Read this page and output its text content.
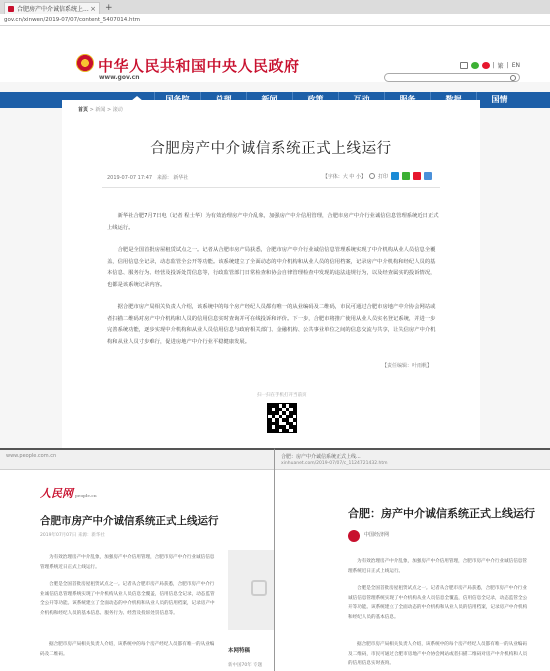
合肥房产中介诚信系统上... × +
gov.cn/xinwen/2019-07/07/content_5407014.htm
中华人民共和国中央人民政府
www.gov.cn
| 繁 | EN
国情
首页 > 新闻 > 滚动
合肥房产中介诚信系统正式上线运行
2019-07-07 17:47 来源： 新华社	【字体：大 中 小】 打印

新华社合肥7月7日电（记者 程士华）为有效治理房产中介乱象，加强房产中介信用管理，合肥市房产中介行业诚信信息管理系统近日正式上线运行。

合肥是全国首批房屋租赁试点之一。记者从合肥市房产局获悉，合肥市房产中介行业诚信信息管理系统实现了中介机构从业人员信息全覆盖，信用信息全记录，动态监管全公开等功能。该系统建立了全面动态的中介机构和从业人员的信用档案，记录房产中介机构和经纪人员的基本信息、服务行为、经营及投诉处罚信息等，行政监管部门日常检查和协会自律管理检查中发现的违法违规行为，以及经查属实的投诉情况，也都是该系统记录内容。

据合肥市房产局相关负责人介绍，该系统中的每个房产经纪人员都有唯一的从业编码及二维码，市民可通过合肥市房地产中介协会网站或者扫描二维码对房产中介机构和人员的信用信息实时查询并可在线投诉和评价。下一步，合肥市将推广使用从业人员实名登记系统，并进一步完善系统功能，逐步实现中介机构和从业人员信用信息与政府相关部门、金融机构、公共事业单位之间的信息交流与共享，让失信房产中介机构和从业人员寸步难行，促进房地产中介行业平稳健康发展。

【责任编辑：叶雨帆】
扫一扫在手机打开当前页
www.people.com.cn
人民网 people.cn
合肥市房产中介诚信系统正式上线运行
2019年07月07日 来源：新华社

为有效治理房产中介乱象，加强房产中介信用管理，合肥市房产中介行业诚信信息管理系统近日正式上线运行。

合肥是全国首批房屋租赁试点之一。记者从合肥市房产局获悉，合肥市房产中介行业诚信信息管理系统实现了中介机构从业人员信息全覆盖，信用信息全记录，动态监管全公开等功能。该系统建立了全面动态的中介机构和从业人员的信用档案，记录房产中介机构和经纪人员的基本信息、服务行为、经营及投诉处罚信息等。

据合肥市房产局相关负责人介绍，该系统中的每个房产经纪人员都有唯一的从业编码及二维码。	本网特稿
新中国70年 专题
合肥：房产中介诚信系统正式上线...
xinhuanet.com/2019-07/07/c_1124721432.htm
合肥：房产中介诚信系统正式上线运行
中国经济网

为有效治理房产中介乱象，加强房产中介信用管理，合肥市房产中介行业诚信信息管理系统近日正式上线运行。

合肥是全国首批房屋租赁试点之一。记者从合肥市房产局获悉，合肥市房产中介行业诚信信息管理系统实现了中介机构从业人员信息全覆盖，信用信息全记录，动态监管全公开等功能。该系统建立了全面动态的中介机构和从业人员的信用档案，记录房产中介机构和经纪人员的基本信息。

据合肥市房产局相关负责人介绍，该系统中的每个房产经纪人员都有唯一的从业编码及二维码，市民可通过合肥市房地产中介协会网站或者扫描二维码对房产中介机构和人员的信用信息实时查询。
